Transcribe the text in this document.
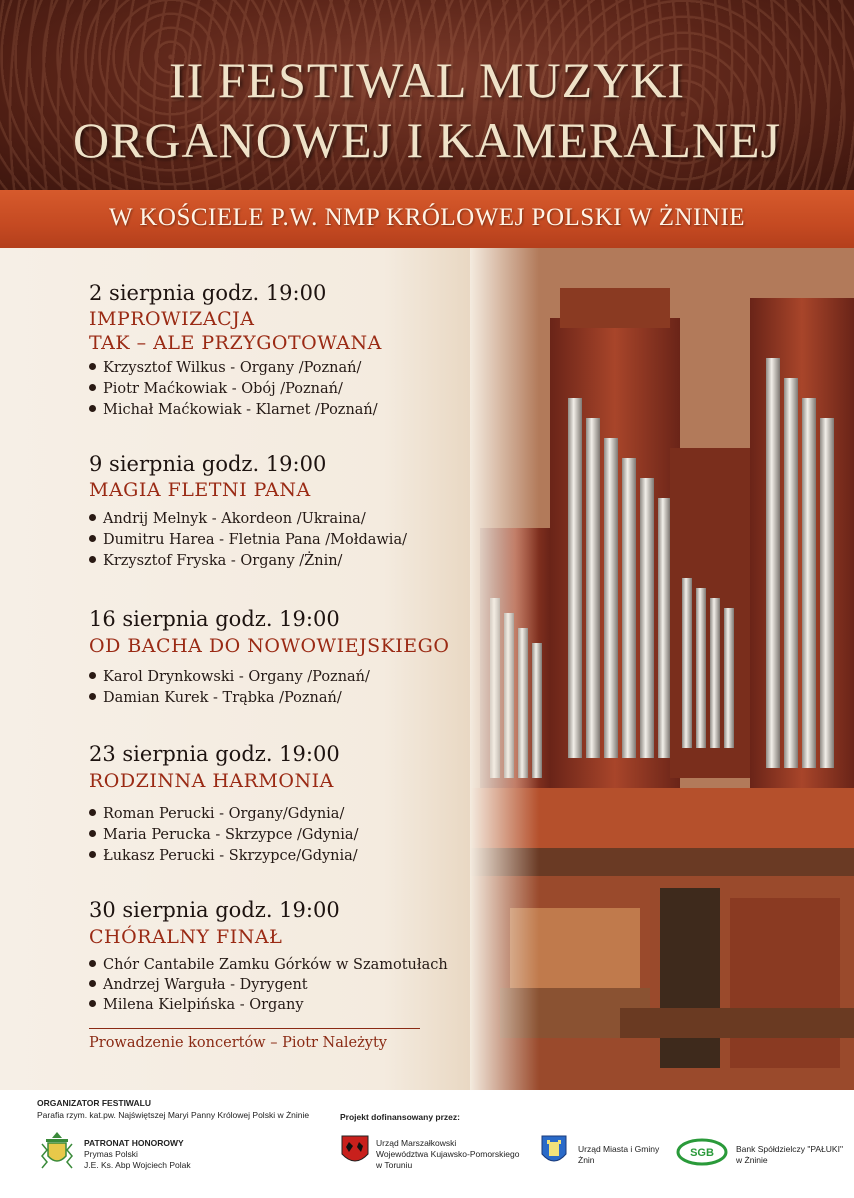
II FESTIWAL MUZYKI
ORGANOWEJ I KAMERALNEJ
W KOŚCIELE P.W. NMP KRÓLOWEJ POLSKI W ŻNINIE
2 sierpnia godz. 19:00
IMPROWIZACJA
TAK – ALE PRZYGOTOWANA
Krzysztof Wilkus - Organy /Poznań/
Piotr Maćkowiak - Obój /Poznań/
Michał Maćkowiak - Klarnet /Poznań/
9 sierpnia godz. 19:00
MAGIA FLETNI PANA
Andrij Melnyk - Akordeon /Ukraina/
Dumitru Harea - Fletnia Pana /Mołdawia/
Krzysztof Fryska - Organy /Żnin/
16 sierpnia godz. 19:00
OD BACHA DO NOWOWIEJSKIEGO
Karol Drynkowski - Organy /Poznań/
Damian Kurek - Trąbka /Poznań/
23 sierpnia godz. 19:00
RODZINNA HARMONIA
Roman Perucki - Organy/Gdynia/
Maria Perucka - Skrzypce /Gdynia/
Łukasz Perucki - Skrzypce/Gdynia/
30 sierpnia godz. 19:00
CHÓRALNY FINAŁ
Chór Cantabile Zamku Górków w Szamotułach
Andrzej Warguła - Dyrygent
Milena Kielpińska - Organy
Prowadzenie koncertów – Piotr Należyty
ORGANIZATOR FESTIWALU
Parafia rzym. kat.pw. Najświętszej Maryi Panny Królowej Polski w Żninie
PATRONAT HONOROWY
Prymas Polski
J.E. Ks. Abp Wojciech Polak
Projekt dofinansowany przez:
Urząd Marszałkowski
Województwa Kujawsko-Pomorskiego
w Toruniu
Urząd Miasta i Gminy
Żnin
SGB	Bank Spółdzielczy "PAŁUKI"
w Żninie
